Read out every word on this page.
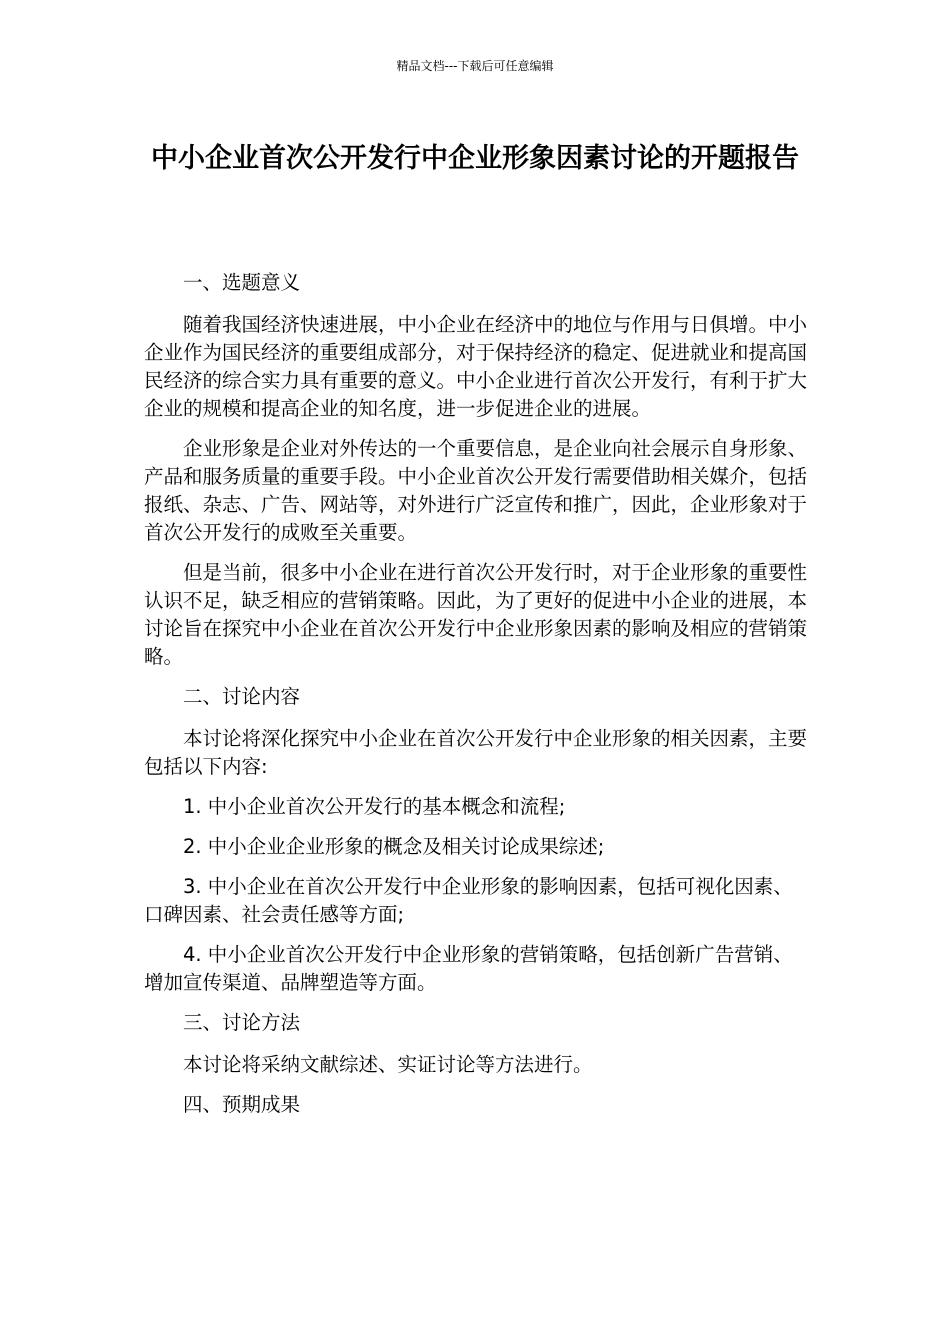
精品文档---下载后可任意编辑
中小企业首次公开发行中企业形象因素讨论的开题报告

一、选题意义

随着我国经济快速进展，中小企业在经济中的地位与作用与日俱增。中小企业作为国民经济的重要组成部分，对于保持经济的稳定、促进就业和提高国民经济的综合实力具有重要的意义。中小企业进行首次公开发行，有利于扩大企业的规模和提高企业的知名度，进一步促进企业的进展。

企业形象是企业对外传达的一个重要信息，是企业向社会展示自身形象、产品和服务质量的重要手段。中小企业首次公开发行需要借助相关媒介，包括报纸、杂志、广告、网站等，对外进行广泛宣传和推广，因此，企业形象对于首次公开发行的成败至关重要。

但是当前，很多中小企业在进行首次公开发行时，对于企业形象的重要性认识不足，缺乏相应的营销策略。因此，为了更好的促进中小企业的进展，本讨论旨在探究中小企业在首次公开发行中企业形象因素的影响及相应的营销策略。

二、讨论内容

本讨论将深化探究中小企业在首次公开发行中企业形象的相关因素，主要包括以下内容:

1. 中小企业首次公开发行的基本概念和流程;

2. 中小企业企业形象的概念及相关讨论成果综述;

3. 中小企业在首次公开发行中企业形象的影响因素，包括可视化因素、口碑因素、社会责任感等方面;

4. 中小企业首次公开发行中企业形象的营销策略，包括创新广告营销、增加宣传渠道、品牌塑造等方面。

三、讨论方法

本讨论将采纳文献综述、实证讨论等方法进行。

四、预期成果
